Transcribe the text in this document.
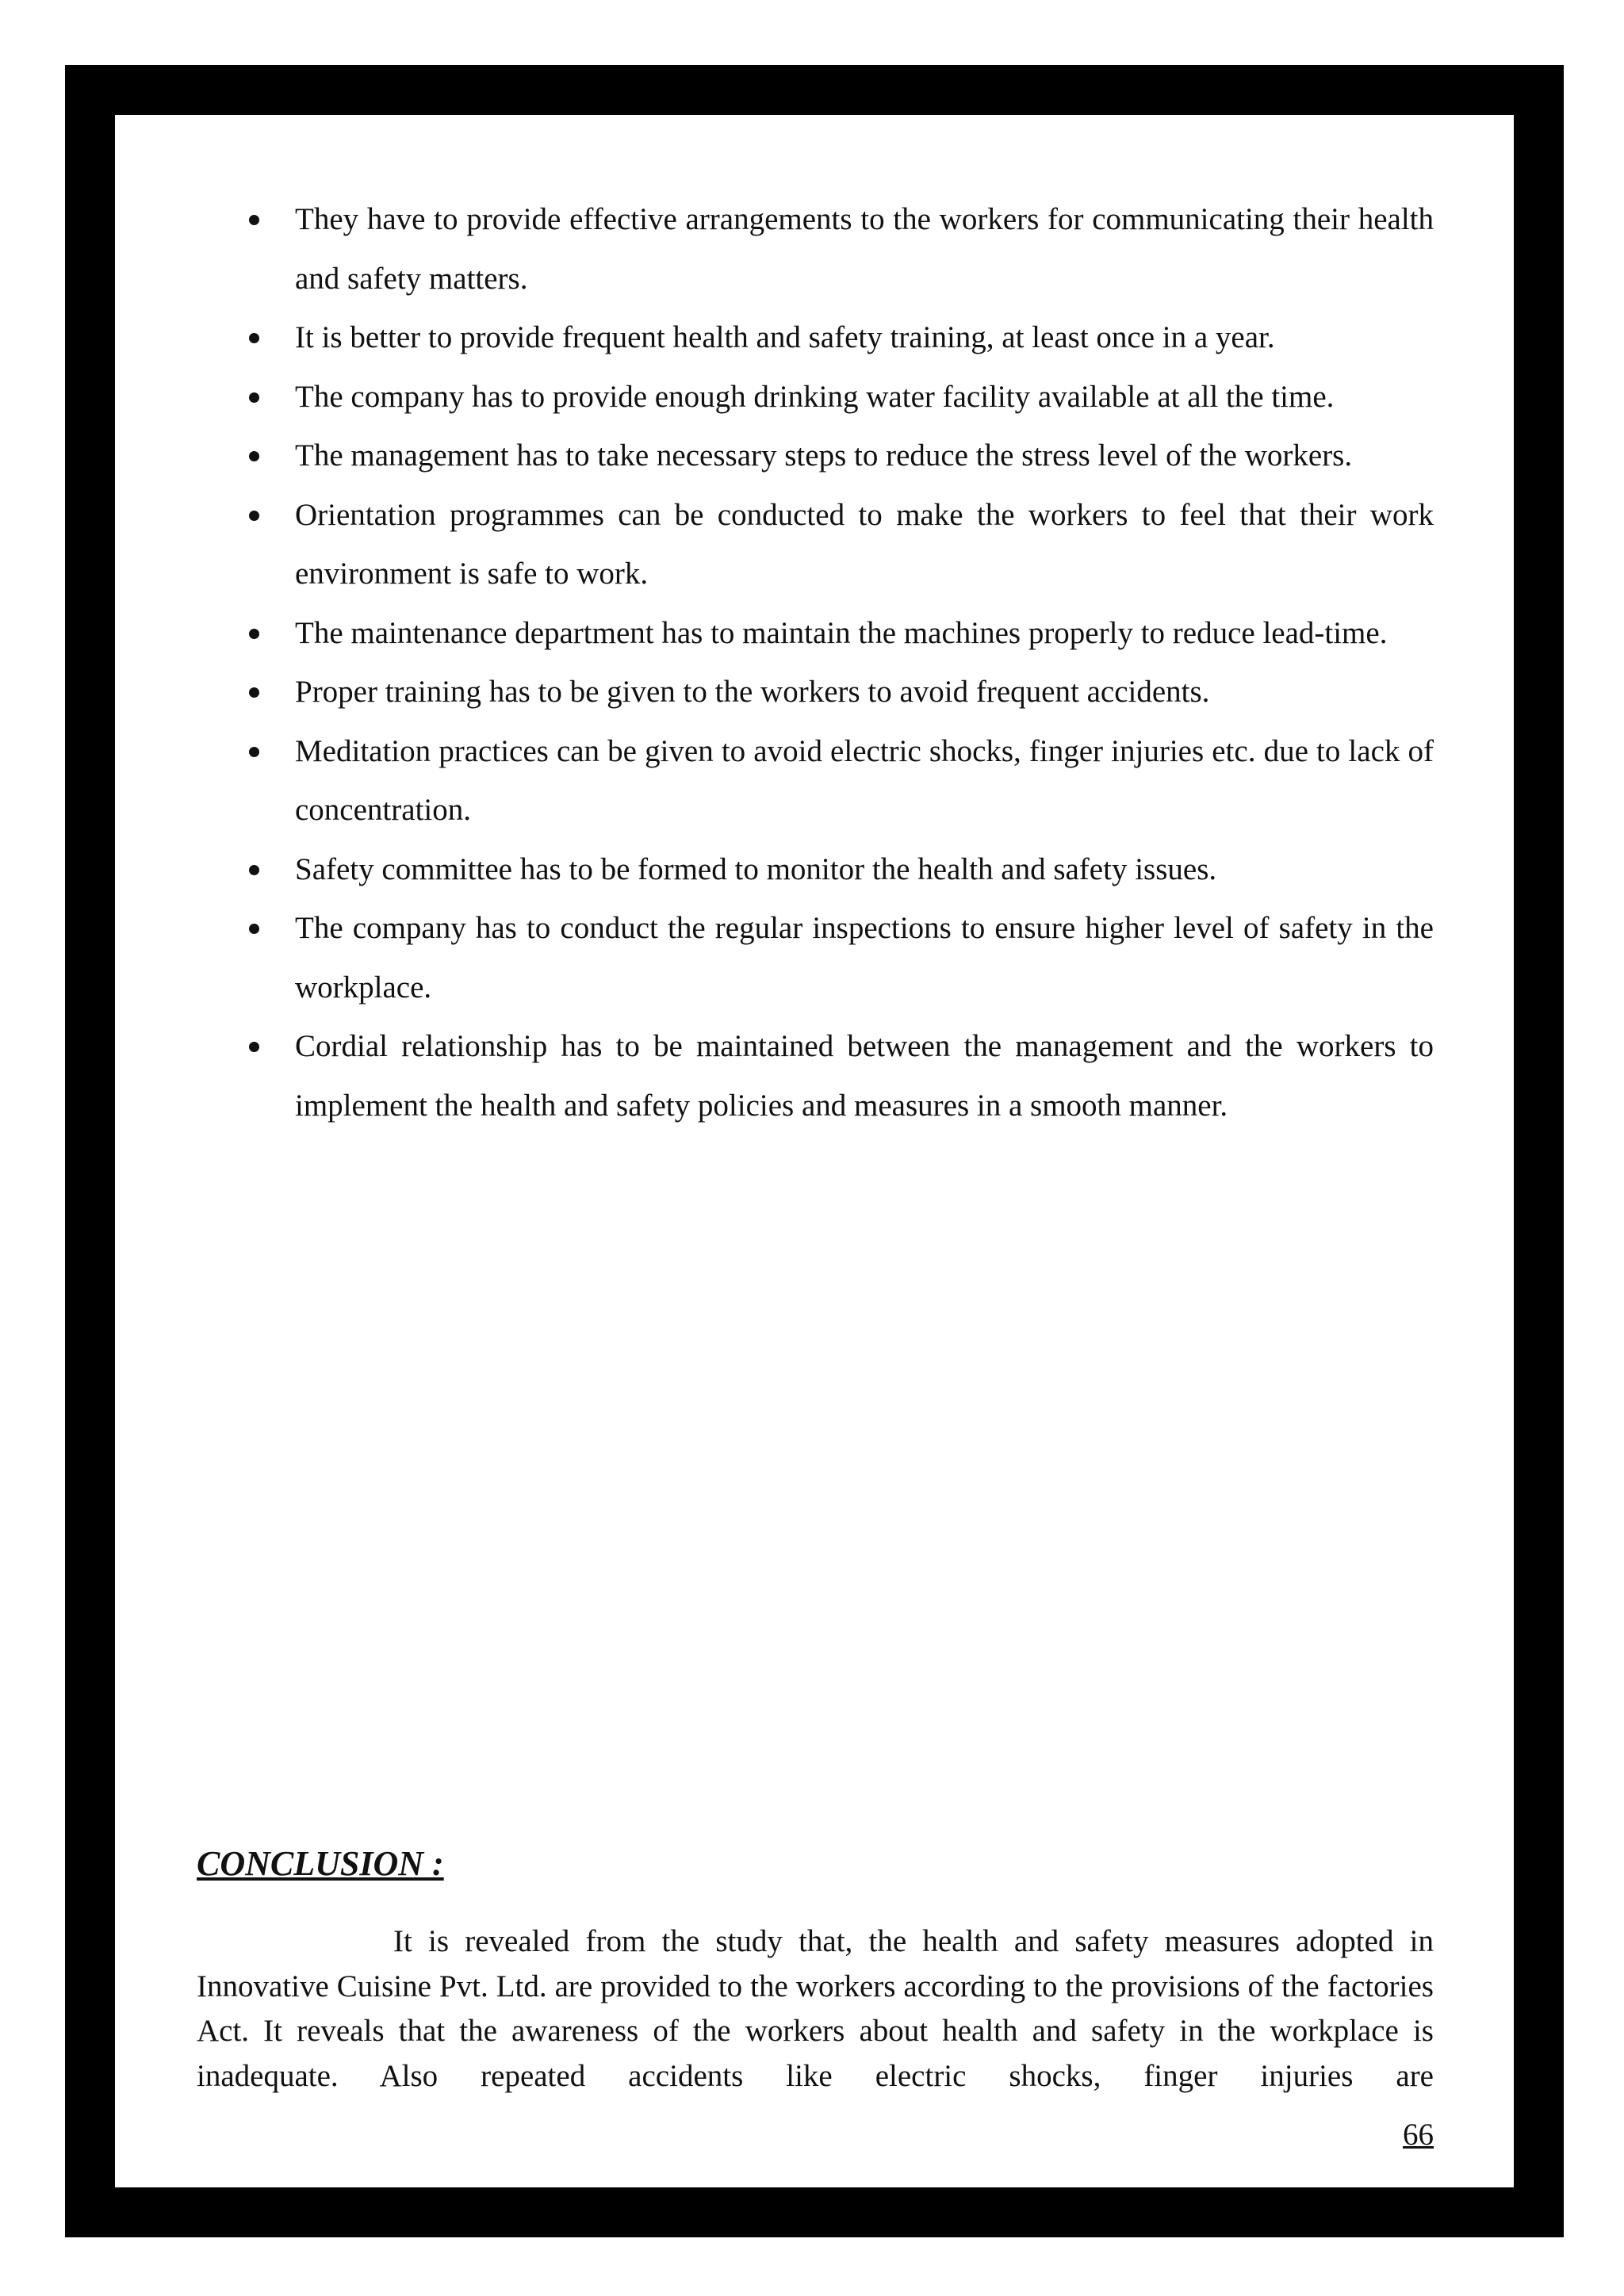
They have to provide effective arrangements to the workers for communicating their health and safety matters.
It is better to provide frequent health and safety training, at least once in a year.
The company has to provide enough drinking water facility available at all the time.
The management has to take necessary steps to reduce the stress level of the workers.
Orientation programmes can be conducted to make the workers to feel that their work environment is safe to work.
The maintenance department has to maintain the machines properly to reduce lead-time.
Proper training has to be given to the workers to avoid frequent accidents.
Meditation practices can be given to avoid electric shocks, finger injuries etc. due to lack of concentration.
Safety committee has to be formed to monitor the health and safety issues.
The company has to conduct the regular inspections to ensure higher level of safety in the workplace.
Cordial relationship has to be maintained between the management and the workers to implement the health and safety policies and measures in a smooth manner.
CONCLUSION :

It is revealed from the study that, the health and safety measures adopted in Innovative Cuisine Pvt. Ltd. are provided to the workers according to the provisions of the factories Act. It reveals that the awareness of the workers about health and safety in the workplace is inadequate. Also repeated accidents like electric shocks, finger injuries are

66
